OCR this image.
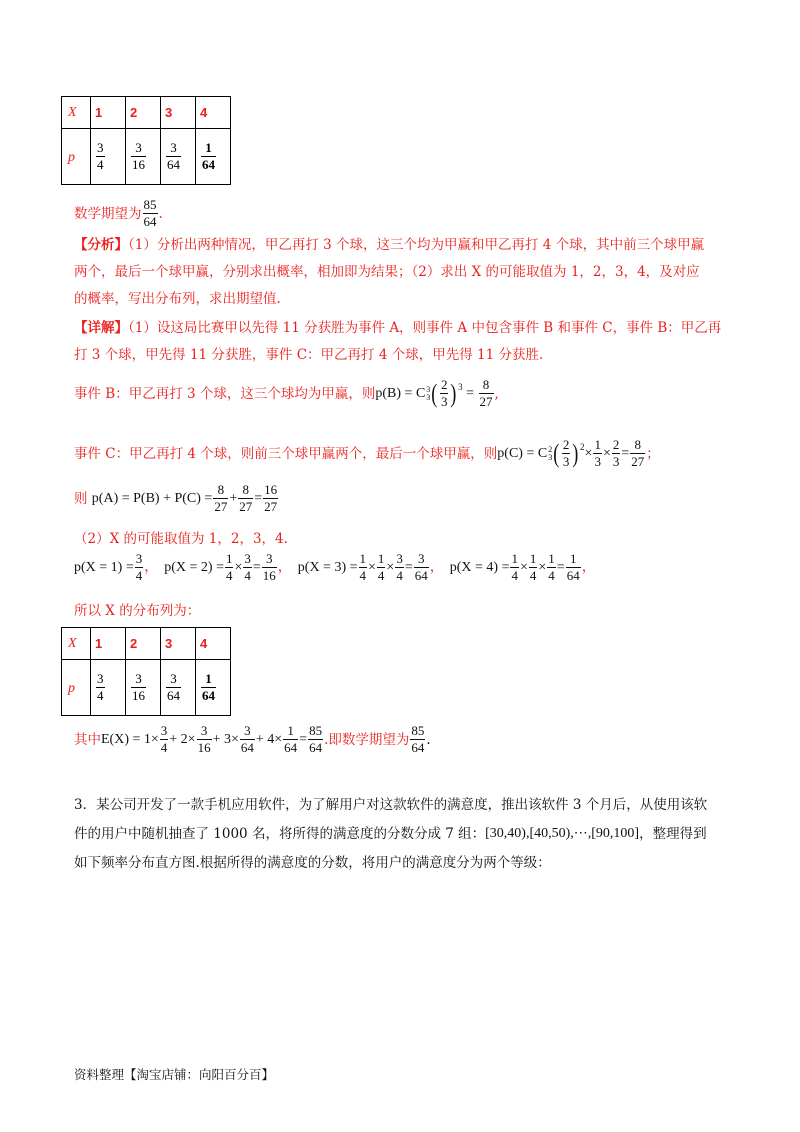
X	1	2	3	4
p	$\frac{3}{4}$	$\frac{3}{16}$	$\frac{3}{64}$	$\frac{1}{64}$
数学期望为 $\frac{85}{64}$ .
【分析】（1）分析出两种情况，甲乙再打 3 个球，这三个均为甲赢和甲乙再打 4 个球，其中前三个球甲赢
两个，最后一个球甲赢，分别求出概率，相加即为结果；（2）求出 X 的可能取值为 1，2，3，4，及对应
的概率，写出分布列，求出期望值.
【详解】（1）设这局比赛甲以先得 11 分获胜为事件 A，则事件 A 中包含事件 B 和事件 C，事件 B：甲乙再
打 3 个球，甲先得 11 分获胜，事件 C：甲乙再打 4 个球，甲先得 11 分获胜.
事件 B：甲乙再打 3 个球，这三个球均为甲赢，则 p(B) = C 3
3 ( $\frac{2}{3}$ ) $3 = \frac{8}{27}$ ,
事件 C：甲乙再打 4 个球，则前三个球甲赢两个，最后一个球甲赢，则 p(C) = C 2
3 ( $\frac{2}{3}$ ) $2 \times \frac{1}{3} \times \frac{2}{3} = \frac{8}{27}$ ；
则
$p(A) = P(B) + P(C) = \frac{8}{27} + \frac{8}{27} = \frac{16}{27}$
（2）X 的可能取值为 1，2，3，4.
$p(X = 1) = \frac{3}{4}$ ， $p(X = 2) = \frac{1}{4} \times \frac{3}{4} = \frac{3}{16}$ ， $p(X = 3) = \frac{1}{4} \times \frac{1}{4} \times \frac{3}{4} = \frac{3}{64}$ ， $p(X = 4) = \frac{1}{4} \times \frac{1}{4} \times \frac{1}{4} = \frac{1}{64}$ ，
所以 X 的分布列为：
X	1	2	3	4
p	$\frac{3}{4}$	$\frac{3}{16}$	$\frac{3}{64}$	$\frac{1}{64}$
其中 $E(X) = 1\times \frac{3}{4} + 2\times \frac{3}{16} + 3\times \frac{3}{64} + 4\times \frac{1}{64} = \frac{85}{64}$ .即数学期望为 $\frac{85}{64}$ .
3．某公司开发了一款手机应用软件，为了解用户对这款软件的满意度，推出该软件 3 个月后，从使用该软
件的用户中随机抽查了 1000 名，将所得的满意度的分数分成 7 组： [30,40),[40,50),⋯,[90,100] ，整理得到
如下频率分布直方图.根据所得的满意度的分数，将用户的满意度分为两个等级：
资料整理【淘宝店铺：向阳百分百】
